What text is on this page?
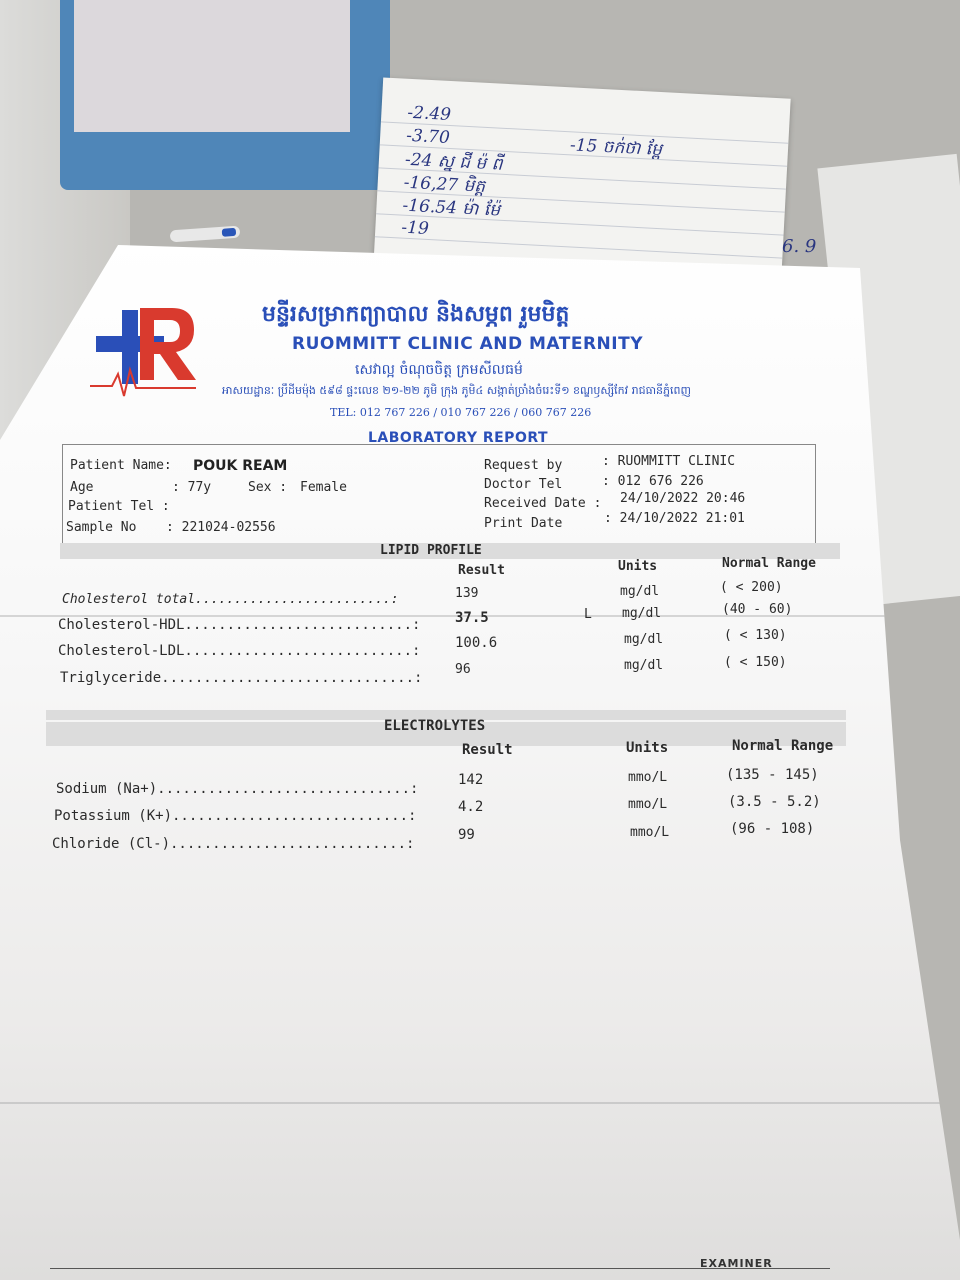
-2.49
-3.70	-15 ចក់ថា ម្ពែ
-24 ស្ន ជី ម៉ ពី
-16,27 មិត្ត
-16.54 ម៉ា ម៉ែ
-19
6. 9
មន្ទីរសម្រាកព្យាបាល និងសម្ភព រួមមិត្ត
RUOMMITT CLINIC AND MATERNITY
សេវាល្អ ចំណុចចិត្ត ក្រមសីលធម៌
អាសយដ្ឋានៈ ប្រឹដីមម៉ុង ៥៩៨ ផ្ទះលេខ ២១-២២ ភូមិ ក្រុង ភូមិ៤ សង្កាត់ច្រាំងចំរេះទី១ ខណ្ឌឫស្សីកែវ រាជធានីភ្នំពេញ
TEL: 012 767 226 / 010 767 226 / 060 767 226
LABORATORY REPORT
Patient Name: POUK REAM
Age	: 77y	Sex : Female
Patient Tel :
Sample No : 221024-02556
Request by	: RUOMMITT CLINIC
Doctor Tel	: 012 676 226
Received Date : 24/10/2022 20:46
Print Date	: 24/10/2022 21:01
LIPID PROFILE
Result	Units	Normal Range
Cholesterol total.........................:	139	mg/dl	( < 200)
Cholesterol-HDL...........................: 37.5	L mg/dl	(40 - 60)
Cholesterol-LDL...........................: 100.6	mg/dl	( < 130)
Triglyceride..............................:
96	mg/dl	( < 150)
ELECTROLYTES
Result	Units	Normal Range
Sodium (Na+)..............................:
142	mmo/L	(135 - 145)
Potassium (K+)............................:
4.2	mmo/L	(3.5 - 5.2)
Chloride (Cl-)............................:
99	mmo/L	(96 - 108)
EXAMINER
